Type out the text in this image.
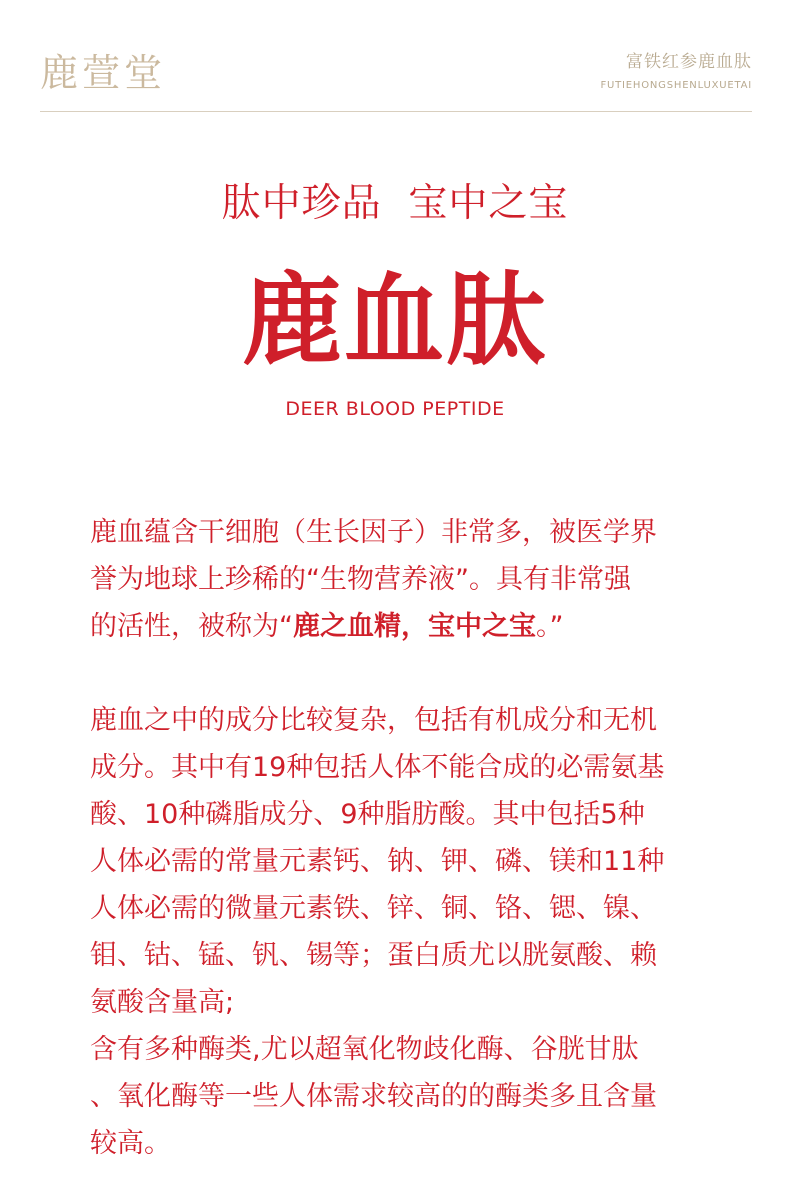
鹿萱堂	富铁红参鹿血肽
FUTIEHONGSHENLUXUETAI
肽中珍品  宝中之宝
鹿血肽
DEER BLOOD PEPTIDE
鹿血蕴含干细胞（生长因子）非常多，被医学界
誉为地球上珍稀的“生物营养液”。具有非常强
的活性，被称为“鹿之血精，宝中之宝。”
鹿血之中的成分比较复杂，包括有机成分和无机
成分。其中有19种包括人体不能合成的必需氨基
酸、10种磷脂成分、9种脂肪酸。其中包括5种
人体必需的常量元素钙、钠、钾、磷、镁和11种
人体必需的微量元素铁、锌、铜、铬、锶、镍、
钼、钴、锰、钒、锡等；蛋白质尤以胱氨酸、赖
氨酸含量高;
含有多种酶类,尤以超氧化物歧化酶、谷胱甘肽
、氧化酶等一些人体需求较高的的酶类多且含量
较高。
